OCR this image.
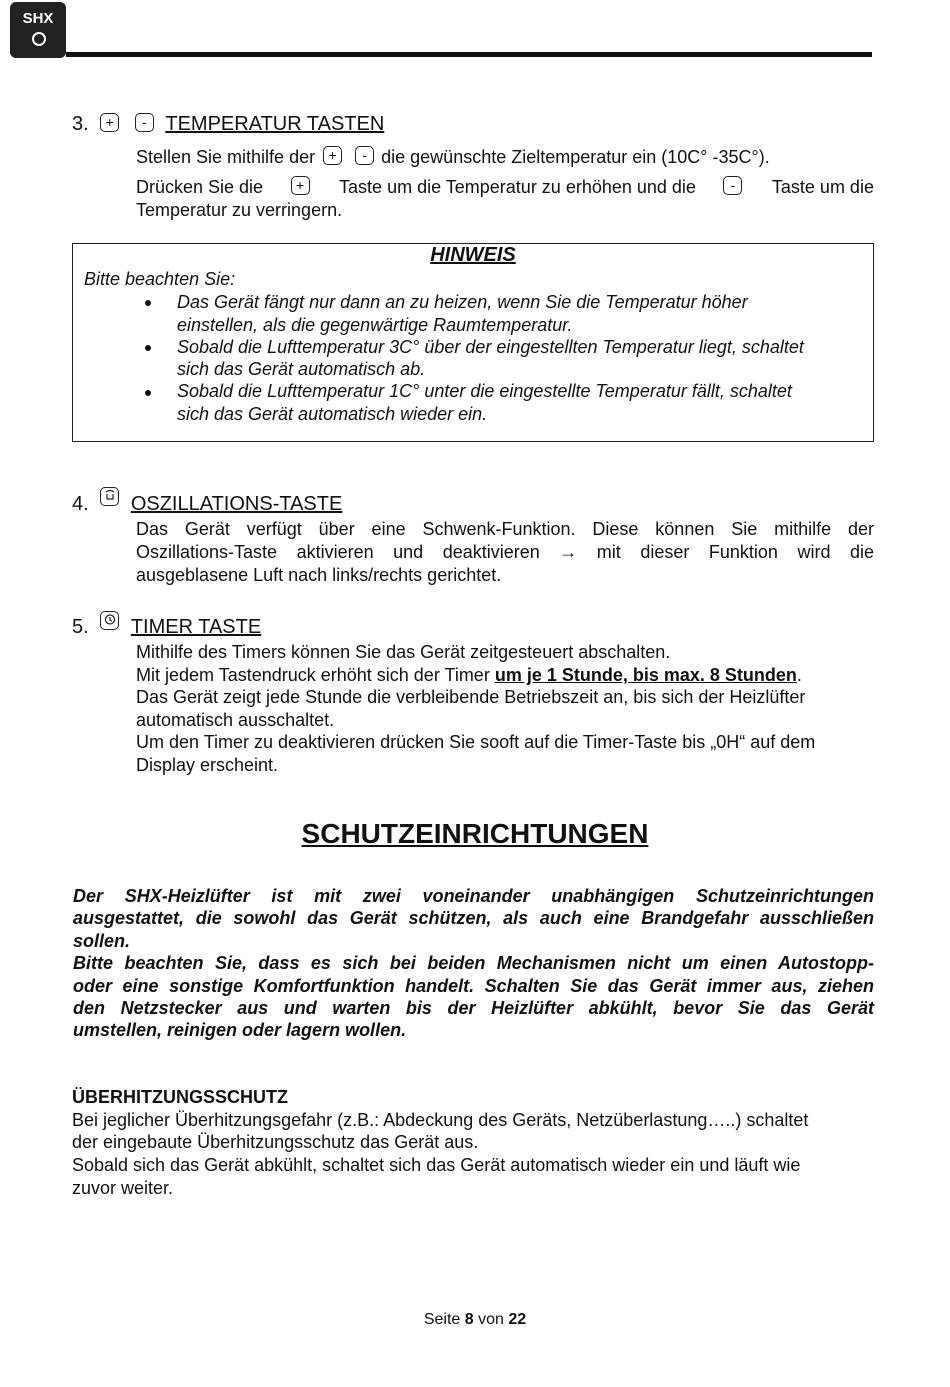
SHX
3. + - TEMPERATUR TASTEN
Stellen Sie mithilfe der + - die gewünschte Zieltemperatur ein (10C° -35C°).
Drücken Sie die	+	Taste um die Temperatur zu erhöhen und die	-	Taste um die
Temperatur zu verringern.
HINWEIS
Bitte beachten Sie:
Das Gerät fängt nur dann an zu heizen, wenn Sie die Temperatur höher
einstellen, als die gegenwärtige Raumtemperatur.
Sobald die Lufttemperatur 3C° über der eingestellten Temperatur liegt, schaltet
sich das Gerät automatisch ab.
Sobald die Lufttemperatur 1C° unter die eingestellte Temperatur fällt, schaltet
sich das Gerät automatisch wieder ein.
4. OSZILLATIONS-TASTE
Das Gerät verfügt über eine Schwenk-Funktion. Diese können Sie mithilfe der
Oszillations-Taste aktivieren und deaktivieren → mit dieser Funktion wird die
ausgeblasene Luft nach links/rechts gerichtet.
5. TIMER TASTE
Mithilfe des Timers können Sie das Gerät zeitgesteuert abschalten.
Mit jedem Tastendruck erhöht sich der Timer um je 1 Stunde, bis max. 8 Stunden.
Das Gerät zeigt jede Stunde die verbleibende Betriebszeit an, bis sich der Heizlüfter
automatisch ausschaltet.
Um den Timer zu deaktivieren drücken Sie sooft auf die Timer-Taste bis „0H“ auf dem
Display erscheint.
SCHUTZEINRICHTUNGEN
Der SHX-Heizlüfter ist mit zwei voneinander unabhängigen Schutzeinrichtungen
ausgestattet, die sowohl das Gerät schützen, als auch eine Brandgefahr ausschließen
sollen.
Bitte beachten Sie, dass es sich bei beiden Mechanismen nicht um einen Autostopp-
oder eine sonstige Komfortfunktion handelt. Schalten Sie das Gerät immer aus, ziehen
den Netzstecker aus und warten bis der Heizlüfter abkühlt, bevor Sie das Gerät
umstellen, reinigen oder lagern wollen.
ÜBERHITZUNGSSCHUTZ
Bei jeglicher Überhitzungsgefahr (z.B.: Abdeckung des Geräts, Netzüberlastung…..) schaltet
der eingebaute Überhitzungsschutz das Gerät aus.
Sobald sich das Gerät abkühlt, schaltet sich das Gerät automatisch wieder ein und läuft wie
zuvor weiter.
Seite 8 von 22
